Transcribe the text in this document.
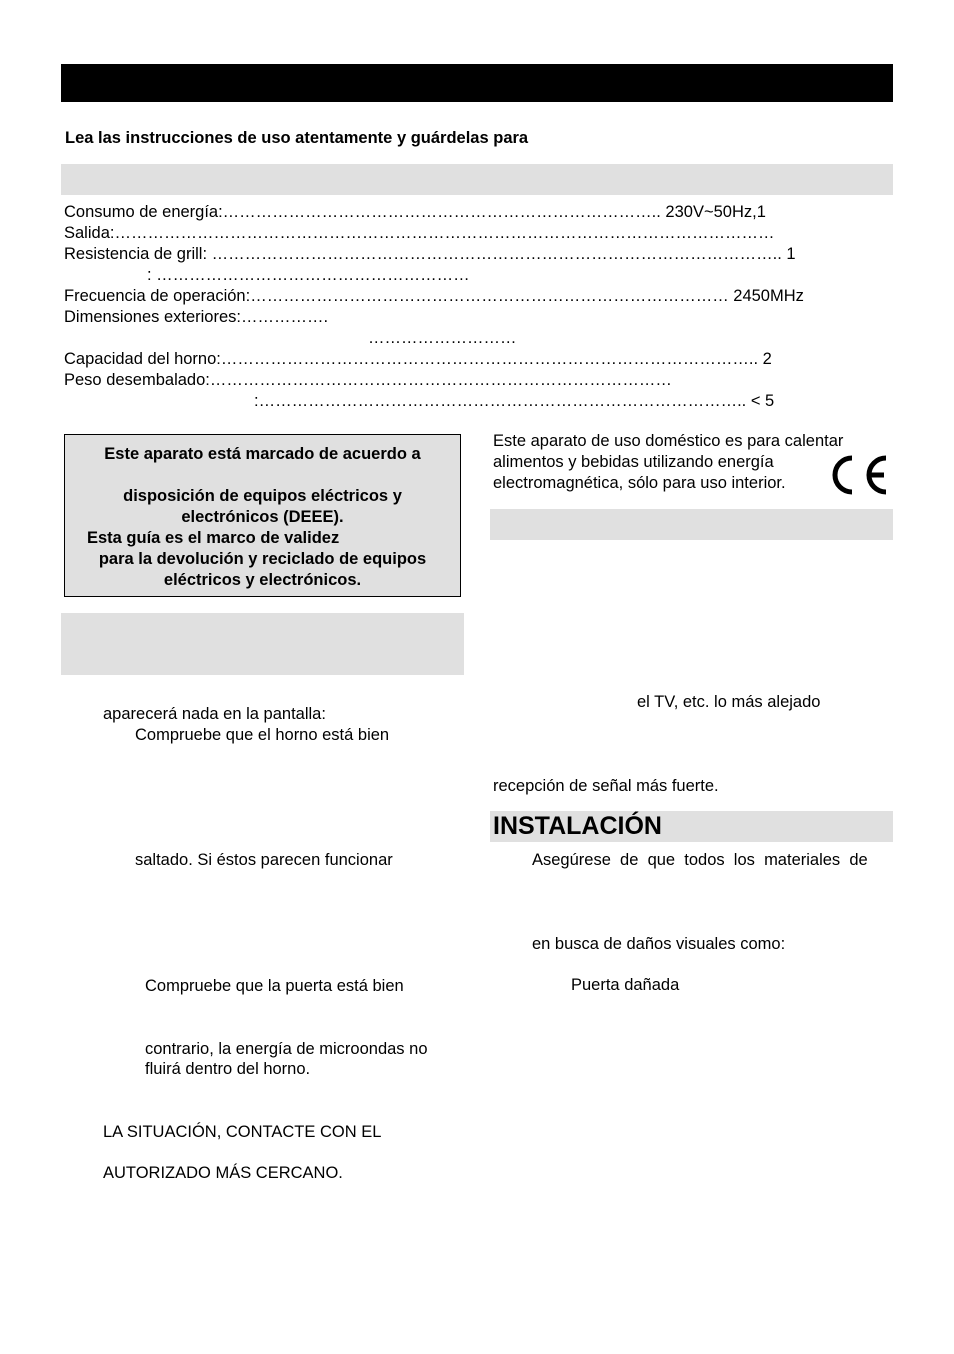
Lea las instrucciones de uso atentamente y guárdelas para
Consumo de energía:…………………………………………………………………….. 230V~50Hz,1
Salida:…………………………………………………………………………………………………………
Resistencia de grill: ………………………………………………………………………………………….. 1
: …………………………………………………
Frecuencia de operación:…………………………………………………………………………… 2450MHz
Dimensiones exteriores:…………….
………………………
Capacidad del horno:…………………………………………………………………………………….. 2
Peso desembalado:…………………………………………………………………………
:…………………………………………………………………………….. < 5
Este aparato está marcado de acuerdo a
disposición de equipos eléctricos y
electrónicos (DEEE).
Esta guía es el marco de validez
para la devolución y reciclado de equipos
eléctricos y electrónicos.
Este aparato de uso doméstico es para calentar
alimentos y bebidas utilizando energía
electromagnética, sólo para uso interior.
aparecerá nada en la pantalla:
Compruebe que el horno está bien
saltado. Si éstos parecen funcionar
Compruebe que la puerta está bien
contrario, la energía de microondas no
fluirá dentro del horno.
LA SITUACIÓN, CONTACTE CON EL
AUTORIZADO MÁS CERCANO.
el TV, etc. lo más alejado
recepción de señal más fuerte.
INSTALACIÓN
Asegúrese  de  que  todos  los  materiales  de
en busca de daños visuales como:
Puerta dañada
